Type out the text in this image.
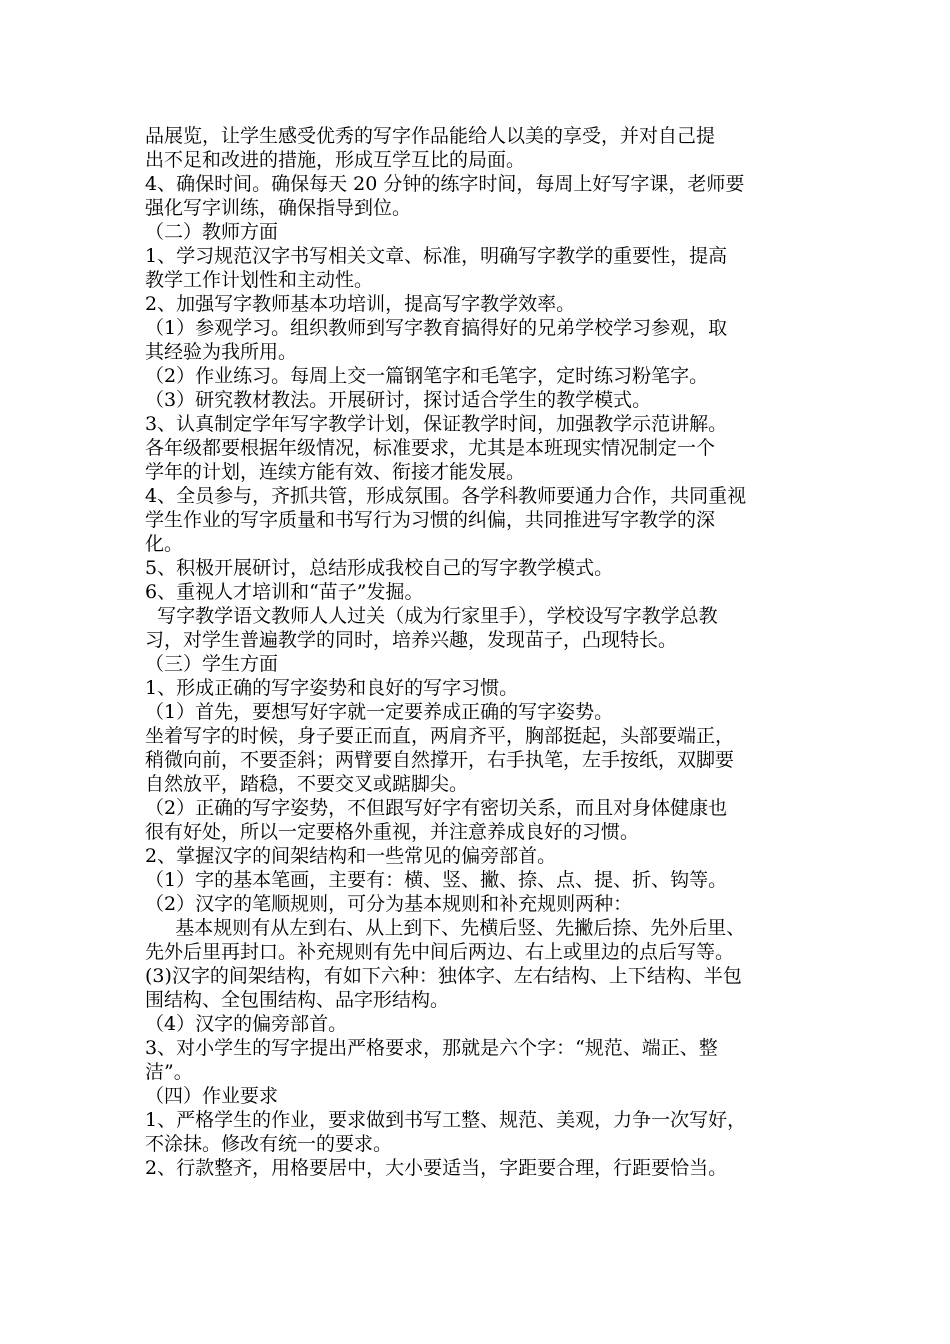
品展览，让学生感受优秀的写字作品能给人以美的享受，并对自己提
出不足和改进的措施，形成互学互比的局面。
4、确保时间。确保每天 20 分钟的练字时间，每周上好写字课，老师要
强化写字训练，确保指导到位。
（二）教师方面
1、学习规范汉字书写相关文章、标准，明确写字教学的重要性，提高
教学工作计划性和主动性。
2、加强写字教师基本功培训，提高写字教学效率。
（1）参观学习。组织教师到写字教育搞得好的兄弟学校学习参观，取
其经验为我所用。
（2）作业练习。每周上交一篇钢笔字和毛笔字，定时练习粉笔字。
（3）研究教材教法。开展研讨，探讨适合学生的教学模式。
3、认真制定学年写字教学计划，保证教学时间，加强教学示范讲解。
各年级都要根据年级情况，标准要求，尤其是本班现实情况制定一个
学年的计划，连续方能有效、衔接才能发展。
4、全员参与，齐抓共管，形成氛围。各学科教师要通力合作，共同重视
学生作业的写字质量和书写行为习惯的纠偏，共同推进写字教学的深
化。
5、积极开展研讨，总结形成我校自己的写字教学模式。
6、重视人才培训和“苗子”发掘。
写字教学语文教师人人过关（成为行家里手），学校设写字教学总教
习，对学生普遍教学的同时，培养兴趣，发现苗子，凸现特长。
（三）学生方面
1、形成正确的写字姿势和良好的写字习惯。
（1）首先，要想写好字就一定要养成正确的写字姿势。
坐着写字的时候，身子要正而直，两肩齐平，胸部挺起，头部要端正，
稍微向前，不要歪斜；两臂要自然撑开，右手执笔，左手按纸，双脚要
自然放平，踏稳，不要交叉或踮脚尖。
（2）正确的写字姿势，不但跟写好字有密切关系，而且对身体健康也
很有好处，所以一定要格外重视，并注意养成良好的习惯。
2、掌握汉字的间架结构和一些常见的偏旁部首。
（1）字的基本笔画，主要有：横、竖、撇、捺、点、提、折、钩等。
（2）汉字的笔顺规则，可分为基本规则和补充规则两种：
基本规则有从左到右、从上到下、先横后竖、先撇后捺、先外后里、
先外后里再封口。补充规则有先中间后两边、右上或里边的点后写等。
(3)汉字的间架结构，有如下六种：独体字、左右结构、上下结构、半包
围结构、全包围结构、品字形结构。
（4）汉字的偏旁部首。
3、对小学生的写字提出严格要求，那就是六个字：“规范、端正、整
洁”。
（四）作业要求
1、严格学生的作业，要求做到书写工整、规范、美观，力争一次写好，
不涂抹。修改有统一的要求。
2、行款整齐，用格要居中，大小要适当，字距要合理，行距要恰当。
